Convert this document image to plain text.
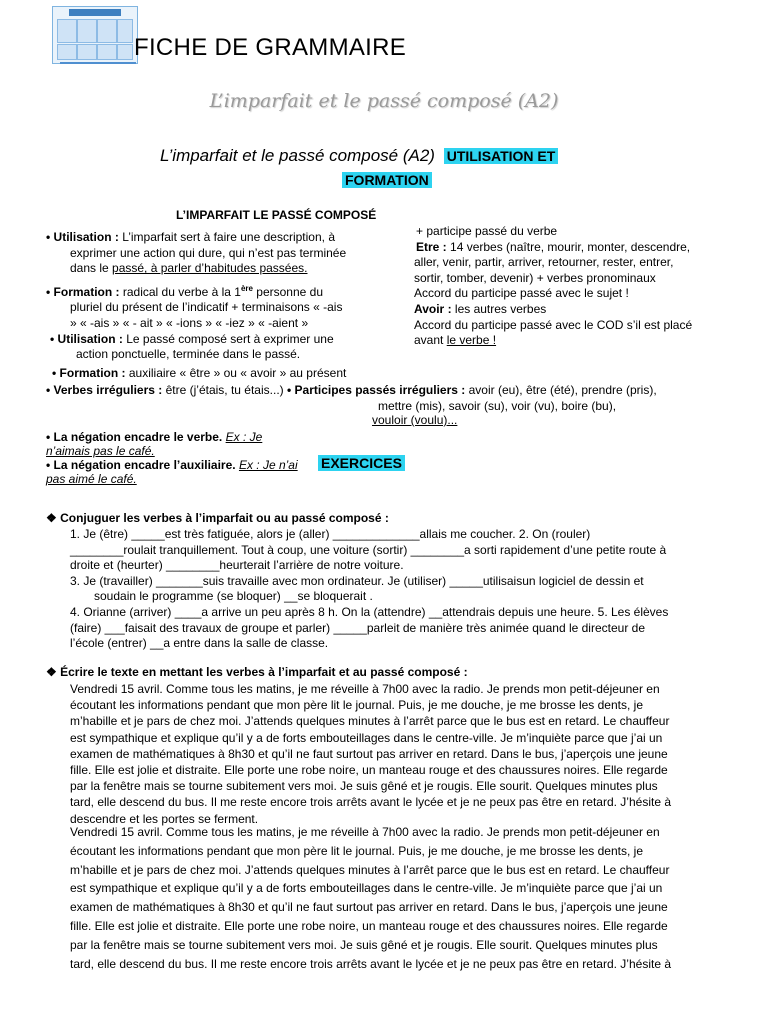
FICHE DE GRAMMAIRE
L’imparfait et le passé composé (A2)
L’imparfait et le passé composé (A2) UTILISATION ET
FORMATION
L’IMPARFAIT LE PASSÉ COMPOSÉ

• Utilisation : L’imparfait sert à faire une description, à

exprimer une action qui dure, qui n’est pas terminée

dans le passé, à parler d’habitudes passées.

• Formation : radical du verbe à la 1ère personne du

pluriel du présent de l’indicatif + terminaisons « -ais

» « -ais » « - ait » « -ions » « -iez » « -aient »

• Utilisation : Le passé composé sert à exprimer une

action ponctuelle, terminée dans le passé.

• Formation : auxiliaire « être » ou « avoir » au présent

+ participe passé du verbe

Etre : 14 verbes (naître, mourir, monter, descendre,

aller, venir, partir, arriver, retourner, rester, entrer,

sortir, tomber, devenir) + verbes pronominaux

Accord du participe passé avec le sujet !

Avoir : les autres verbes

Accord du participe passé avec le COD s’il est placé

avant le verbe !

• Verbes irréguliers : être (j’étais, tu étais...) • Participes passés irréguliers : avoir (eu), être (été), prendre (pris),
mettre (mis), savoir (su), voir (vu), boire (bu),
vouloir (voulu)...
• La négation encadre le verbe. Ex : Je
n’aimais pas le café.
• La négation encadre l’auxiliaire. Ex : Je n’ai EXERCICES
pas aimé le café.
❖ Conjuguer les verbes à l’imparfait ou au passé composé :

1. Je (être) _____est très fatiguée, alors je (aller) _____________allais me coucher. 2. On (rouler)

________roulait tranquillement. Tout à coup, une voiture (sortir) ________a sorti rapidement d’une petite route à

droite et (heurter) ________heurterait l’arrière de notre voiture.

3. Je (travailler) _______suis travaille avec mon ordinateur. Je (utiliser) _____utilisaisun logiciel de dessin et

soudain le programme (se bloquer) __se bloquerait .

4. Orianne (arriver) ____a arrive un peu après 8 h. On la (attendre) __attendrais depuis une heure. 5. Les élèves

(faire) ___faisait des travaux de groupe et parler) _____parleit de manière très animée quand le directeur de

l’école (entrer) __a entre dans la salle de classe.

❖ Écrire le texte en mettant les verbes à l’imparfait et au passé composé :

Vendredi 15 avril. Comme tous les matins, je me réveille à 7h00 avec la radio. Je prends mon petit-déjeuner en

écoutant les informations pendant que mon père lit le journal. Puis, je me douche, je me brosse les dents, je

m’habille et je pars de chez moi. J’attends quelques minutes à l’arrêt parce que le bus est en retard. Le chauffeur

est sympathique et explique qu’il y a de forts embouteillages dans le centre-ville. Je m’inquiète parce que j’ai un

examen de mathématiques à 8h30 et qu’il ne faut surtout pas arriver en retard. Dans le bus, j’aperçois une jeune

fille. Elle est jolie et distraite. Elle porte une robe noire, un manteau rouge et des chaussures noires. Elle regarde

par la fenêtre mais se tourne subitement vers moi. Je suis gêné et je rougis. Elle sourit. Quelques minutes plus

tard, elle descend du bus. Il me reste encore trois arrêts avant le lycée et je ne peux pas être en retard. J’hésite à

descendre et les portes se ferment.

Vendredi 15 avril. Comme tous les matins, je me réveille à 7h00 avec la radio. Je prends mon petit-déjeuner en

écoutant les informations pendant que mon père lit le journal. Puis, je me douche, je me brosse les dents, je

m’habille et je pars de chez moi. J’attends quelques minutes à l’arrêt parce que le bus est en retard. Le chauffeur

est sympathique et explique qu’il y a de forts embouteillages dans le centre-ville. Je m’inquiète parce que j’ai un

examen de mathématiques à 8h30 et qu’il ne faut surtout pas arriver en retard. Dans le bus, j’aperçois une jeune

fille. Elle est jolie et distraite. Elle porte une robe noire, un manteau rouge et des chaussures noires. Elle regarde

par la fenêtre mais se tourne subitement vers moi. Je suis gêné et je rougis. Elle sourit. Quelques minutes plus

tard, elle descend du bus. Il me reste encore trois arrêts avant le lycée et je ne peux pas être en retard. J’hésite à
